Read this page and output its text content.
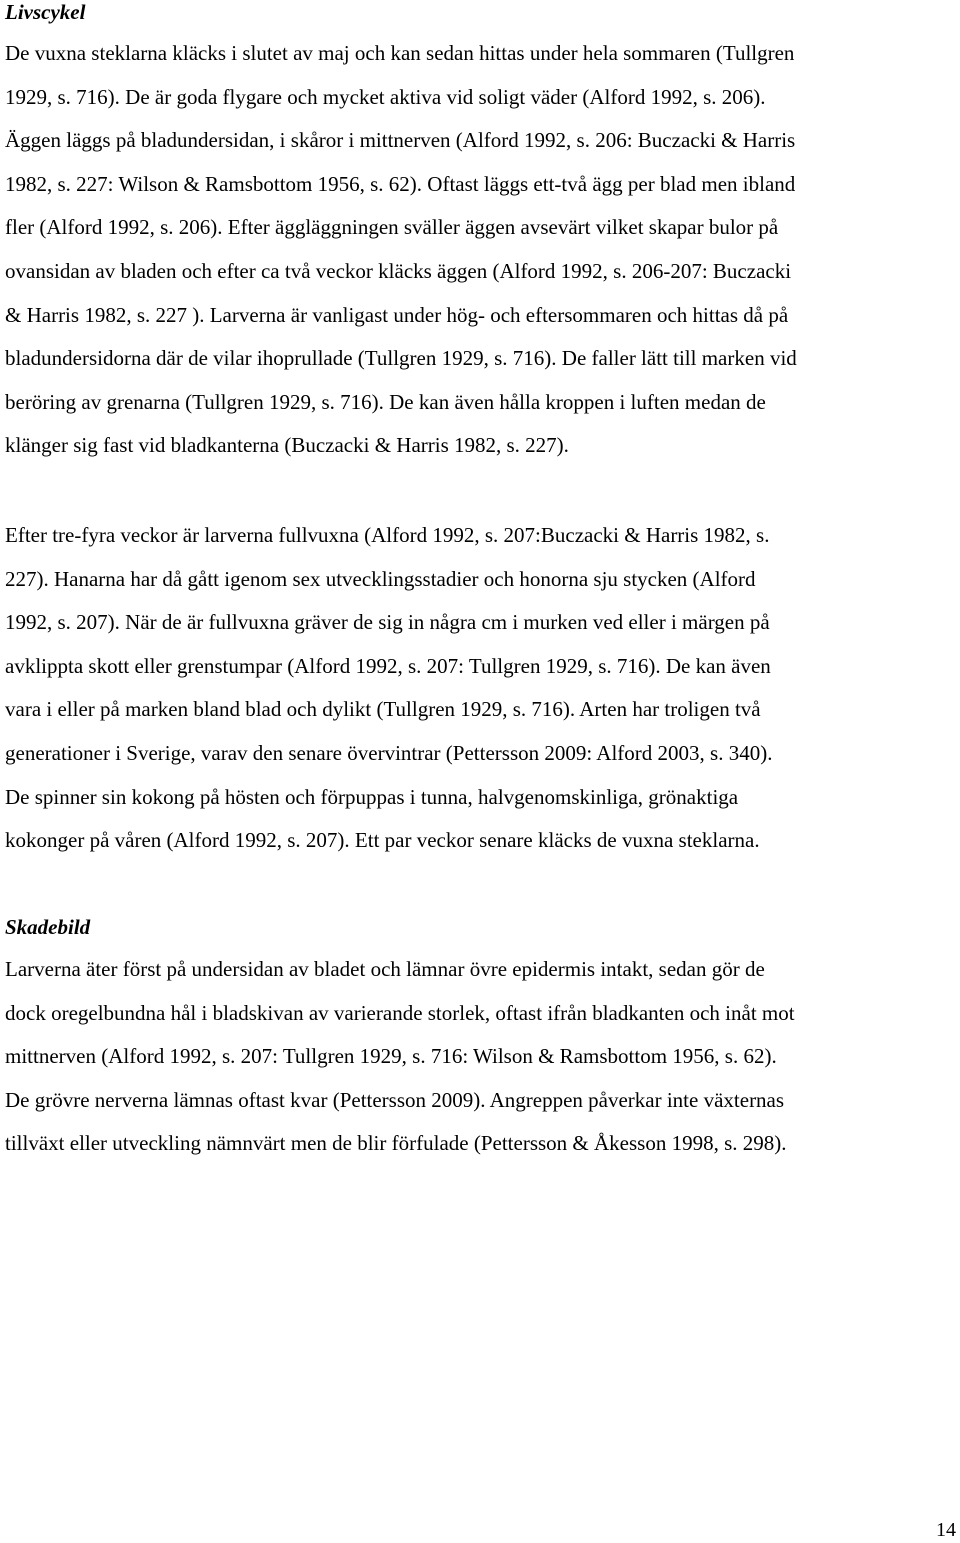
Livscykel

De vuxna steklarna kläcks i slutet av maj och kan sedan hittas under hela sommaren (Tullgren
1929, s. 716). De är goda flygare och mycket aktiva vid soligt väder (Alford 1992, s. 206).
Äggen läggs på bladundersidan, i skåror i mittnerven (Alford 1992, s. 206: Buczacki & Harris
1982, s. 227: Wilson & Ramsbottom 1956, s. 62). Oftast läggs ett-två ägg per blad men ibland
fler (Alford 1992, s. 206). Efter äggläggningen sväller äggen avsevärt vilket skapar bulor på
ovansidan av bladen och efter ca två veckor kläcks äggen (Alford 1992, s. 206-207: Buczacki
& Harris 1982, s. 227 ). Larverna är vanligast under hög- och eftersommaren och hittas då på
bladundersidorna där de vilar ihoprullade (Tullgren 1929, s. 716). De faller lätt till marken vid
beröring av grenarna (Tullgren 1929, s. 716). De kan även hålla kroppen i luften medan de
klänger sig fast vid bladkanterna (Buczacki & Harris 1982, s. 227).

Efter tre-fyra veckor är larverna fullvuxna (Alford 1992, s. 207:Buczacki & Harris 1982, s.
227). Hanarna har då gått igenom sex utvecklingsstadier och honorna sju stycken (Alford
1992, s. 207). När de är fullvuxna gräver de sig in några cm i murken ved eller i märgen på
avklippta skott eller grenstumpar (Alford 1992, s. 207: Tullgren 1929, s. 716). De kan även
vara i eller på marken bland blad och dylikt (Tullgren 1929, s. 716). Arten har troligen två
generationer i Sverige, varav den senare övervintrar (Pettersson 2009: Alford 2003, s. 340).
De spinner sin kokong på hösten och förpuppas i tunna, halvgenomskinliga, grönaktiga
kokonger på våren (Alford 1992, s. 207). Ett par veckor senare kläcks de vuxna steklarna.

Skadebild

Larverna äter först på undersidan av bladet och lämnar övre epidermis intakt, sedan gör de
dock oregelbundna hål i bladskivan av varierande storlek, oftast ifrån bladkanten och inåt mot
mittnerven (Alford 1992, s. 207: Tullgren 1929, s. 716: Wilson & Ramsbottom 1956, s. 62).
De grövre nerverna lämnas oftast kvar (Pettersson 2009). Angreppen påverkar inte växternas
tillväxt eller utveckling nämnvärt men de blir förfulade (Pettersson & Åkesson 1998, s. 298).

14
